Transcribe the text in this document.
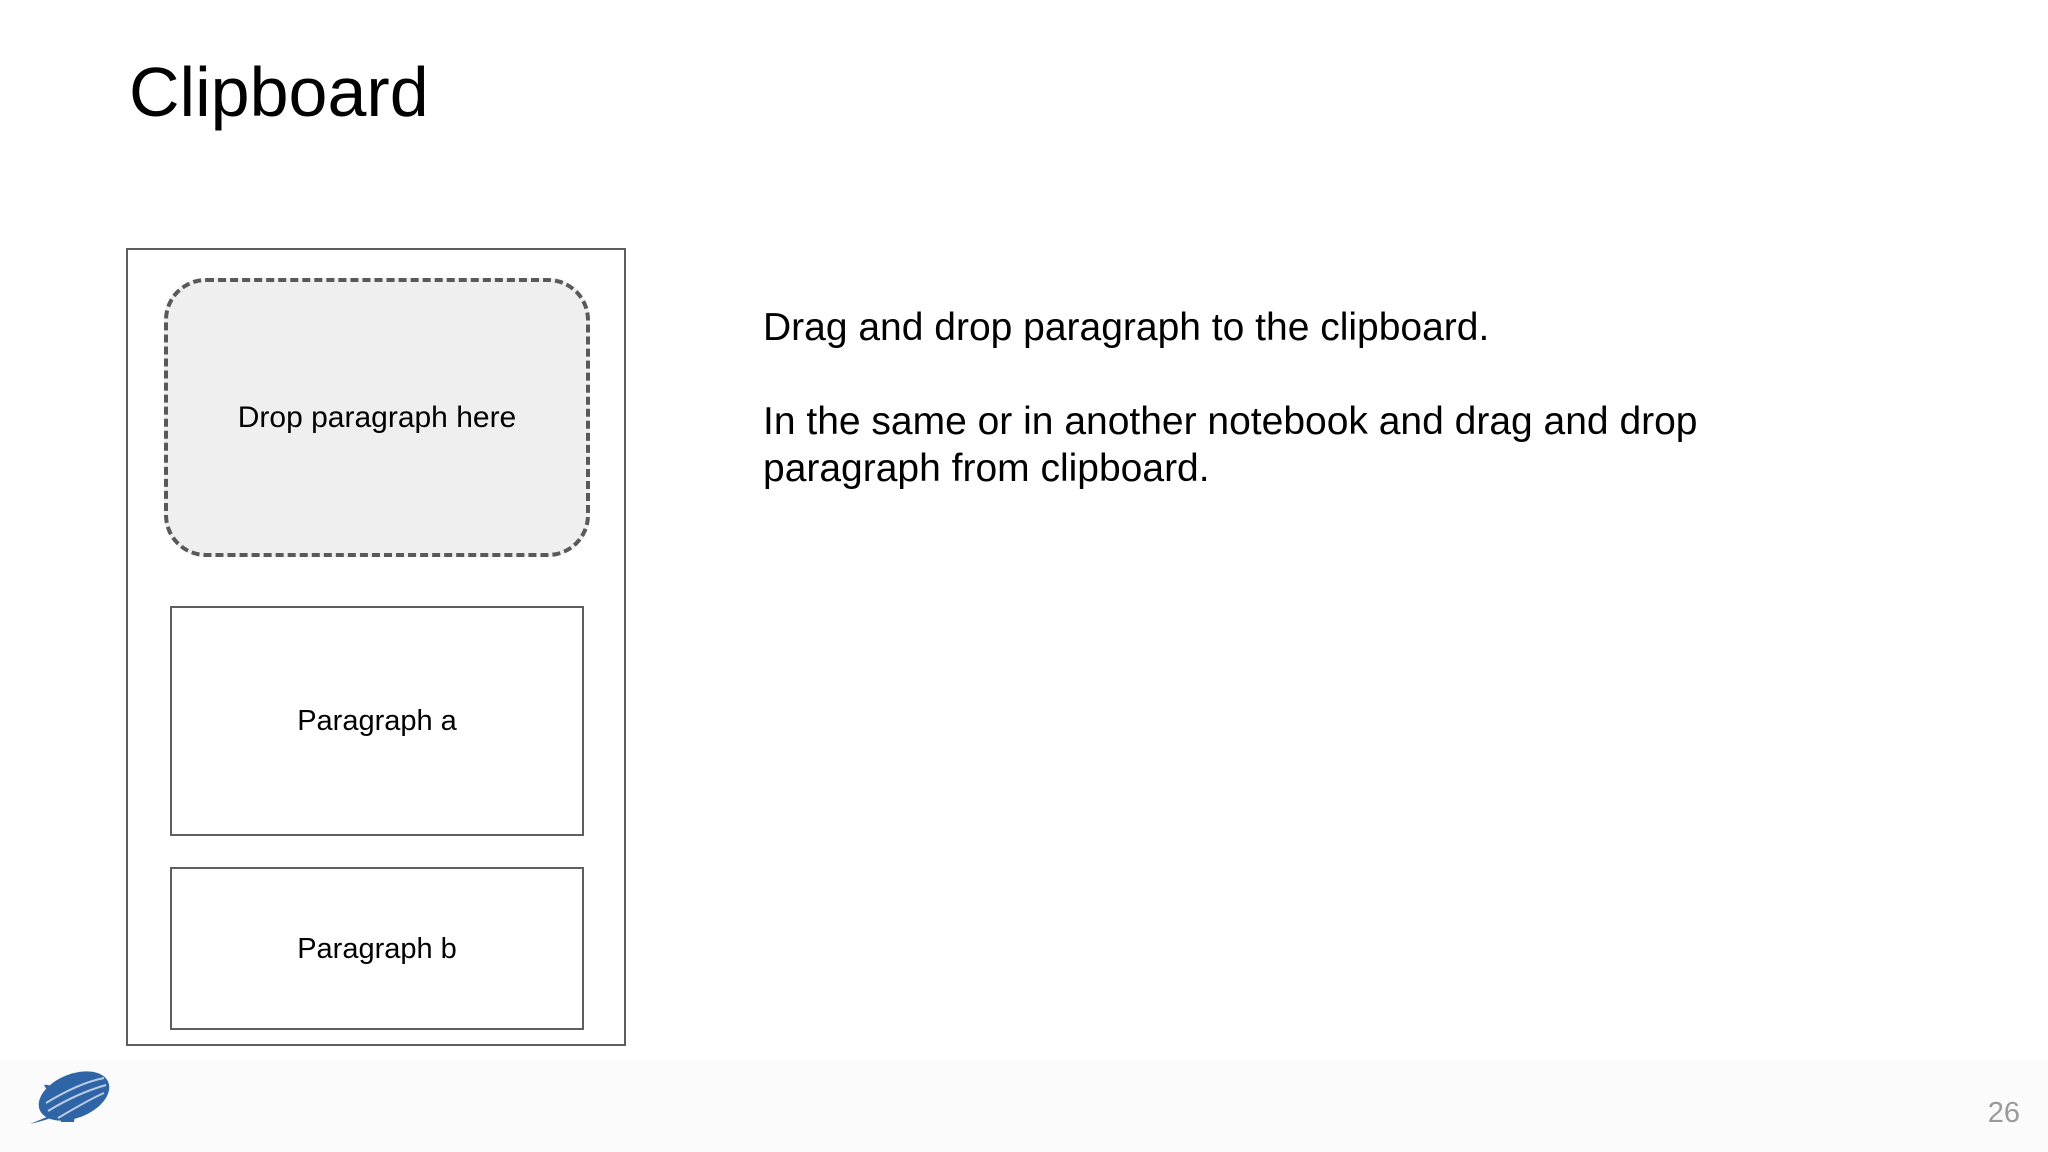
Clipboard
Drop paragraph here
Paragraph a
Paragraph b
Drag and drop paragraph to the clipboard.
In the same or in another notebook and drag and drop paragraph from clipboard.
26
